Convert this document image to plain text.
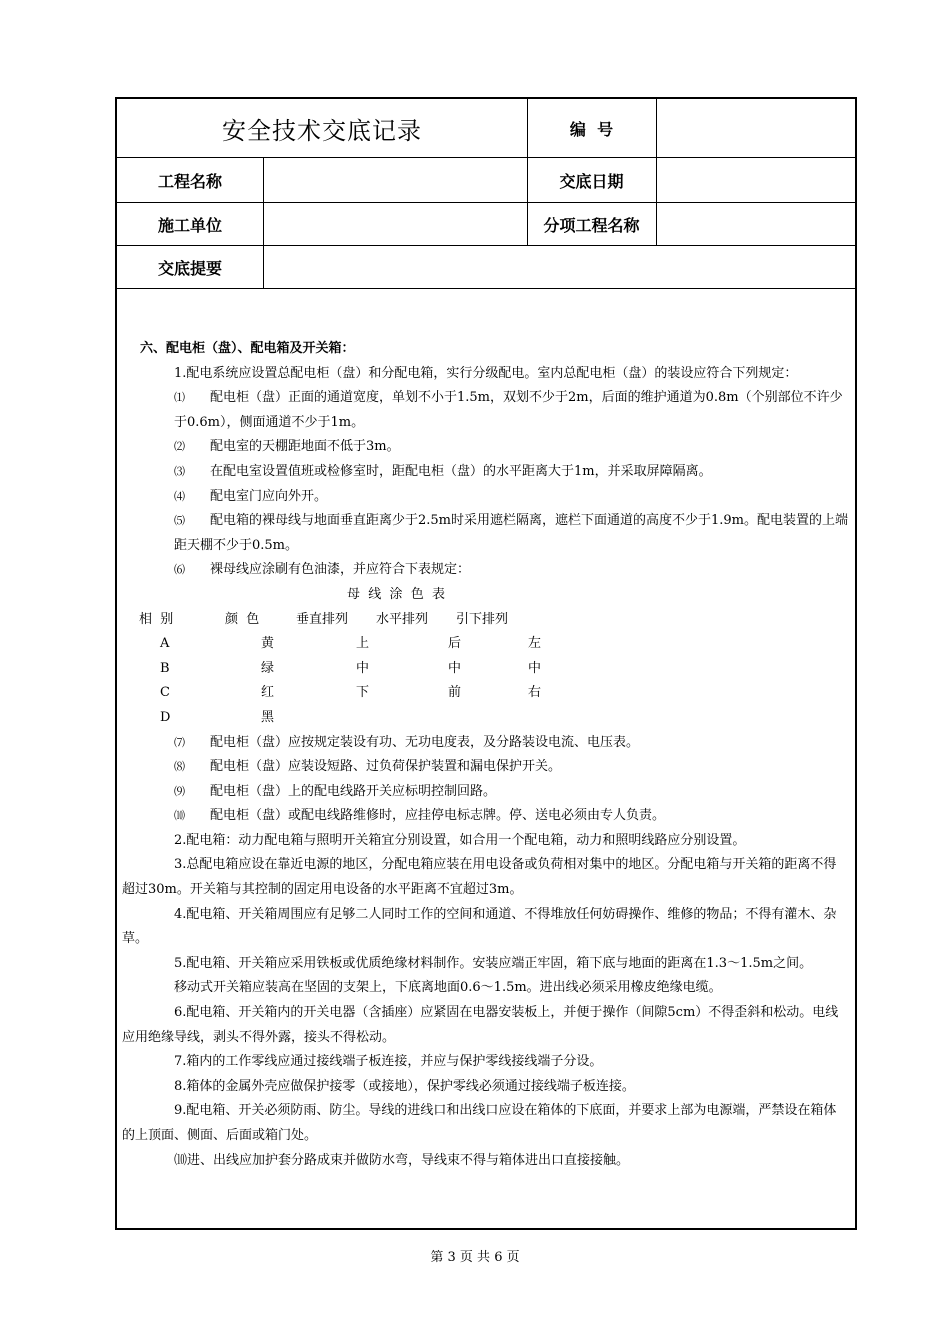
安全技术交底记录	编  号
工程名称	交底日期
施工单位	分项工程名称
交底提要

六、配电柜（盘）、配电箱及开关箱：

1.配电系统应设置总配电柜（盘）和分配电箱，实行分级配电。室内总配电柜（盘）的装设应符合下列规定：

⑴ 配电柜（盘）正面的通道宽度，单划不小于1.5m，双划不少于2m，后面的维护通道为0.8m（个别部位不许少于0.6m），侧面通道不少于1m。

⑵ 配电室的天棚距地面不低于3m。

⑶ 在配电室设置值班或检修室时，距配电柜（盘）的水平距离大于1m，并采取屏障隔离。

⑷ 配电室门应向外开。

⑸ 配电箱的裸母线与地面垂直距离少于2.5m时采用遮栏隔离，遮栏下面通道的高度不少于1.9m。配电装置的上端距天棚不少于0.5m。

⑹ 裸母线应涂刷有色油漆，并应符合下表规定：

母  线  涂  色  表
相  别	颜  色	垂直排列 水平排列 引下排列
A	黄	上	后	左
B	绿	中	中	中
C	红	下	前	右
D	黑

⑺ 配电柜（盘）应按规定装设有功、无功电度表，及分路装设电流、电压表。

⑻ 配电柜（盘）应装设短路、过负荷保护装置和漏电保护开关。

⑼ 配电柜（盘）上的配电线路开关应标明控制回路。

⑽ 配电柜（盘）或配电线路维修时，应挂停电标志牌。停、送电必须由专人负责。

2.配电箱：动力配电箱与照明开关箱宜分别设置，如合用一个配电箱，动力和照明线路应分别设置。

3.总配电箱应设在靠近电源的地区，分配电箱应装在用电设备或负荷相对集中的地区。分配电箱与开关箱的距离不得超过30m。开关箱与其控制的固定用电设备的水平距离不宜超过3m。

4.配电箱、开关箱周围应有足够二人同时工作的空间和通道、不得堆放任何妨碍操作、维修的物品；不得有灌木、杂草。

5.配电箱、开关箱应采用铁板或优质绝缘材料制作。安装应端正牢固，箱下底与地面的距离在1.3～1.5m之间。

移动式开关箱应装高在坚固的支架上，下底离地面0.6～1.5m。进出线必须采用橡皮绝缘电缆。

6.配电箱、开关箱内的开关电器（含插座）应紧固在电器安装板上，并便于操作（间隙5cm）不得歪斜和松动。电线应用绝缘导线，剥头不得外露，接头不得松动。

7.箱内的工作零线应通过接线端子板连接，并应与保护零线接线端子分设。

8.箱体的金属外壳应做保护接零（或接地），保护零线必须通过接线端子板连接。

9.配电箱、开关必须防雨、防尘。导线的进线口和出线口应设在箱体的下底面，并要求上部为电源端，严禁设在箱体的上顶面、侧面、后面或箱门处。

⑽进、出线应加护套分路成束并做防水弯，导线束不得与箱体进出口直接接触。

第 3 页 共 6 页
